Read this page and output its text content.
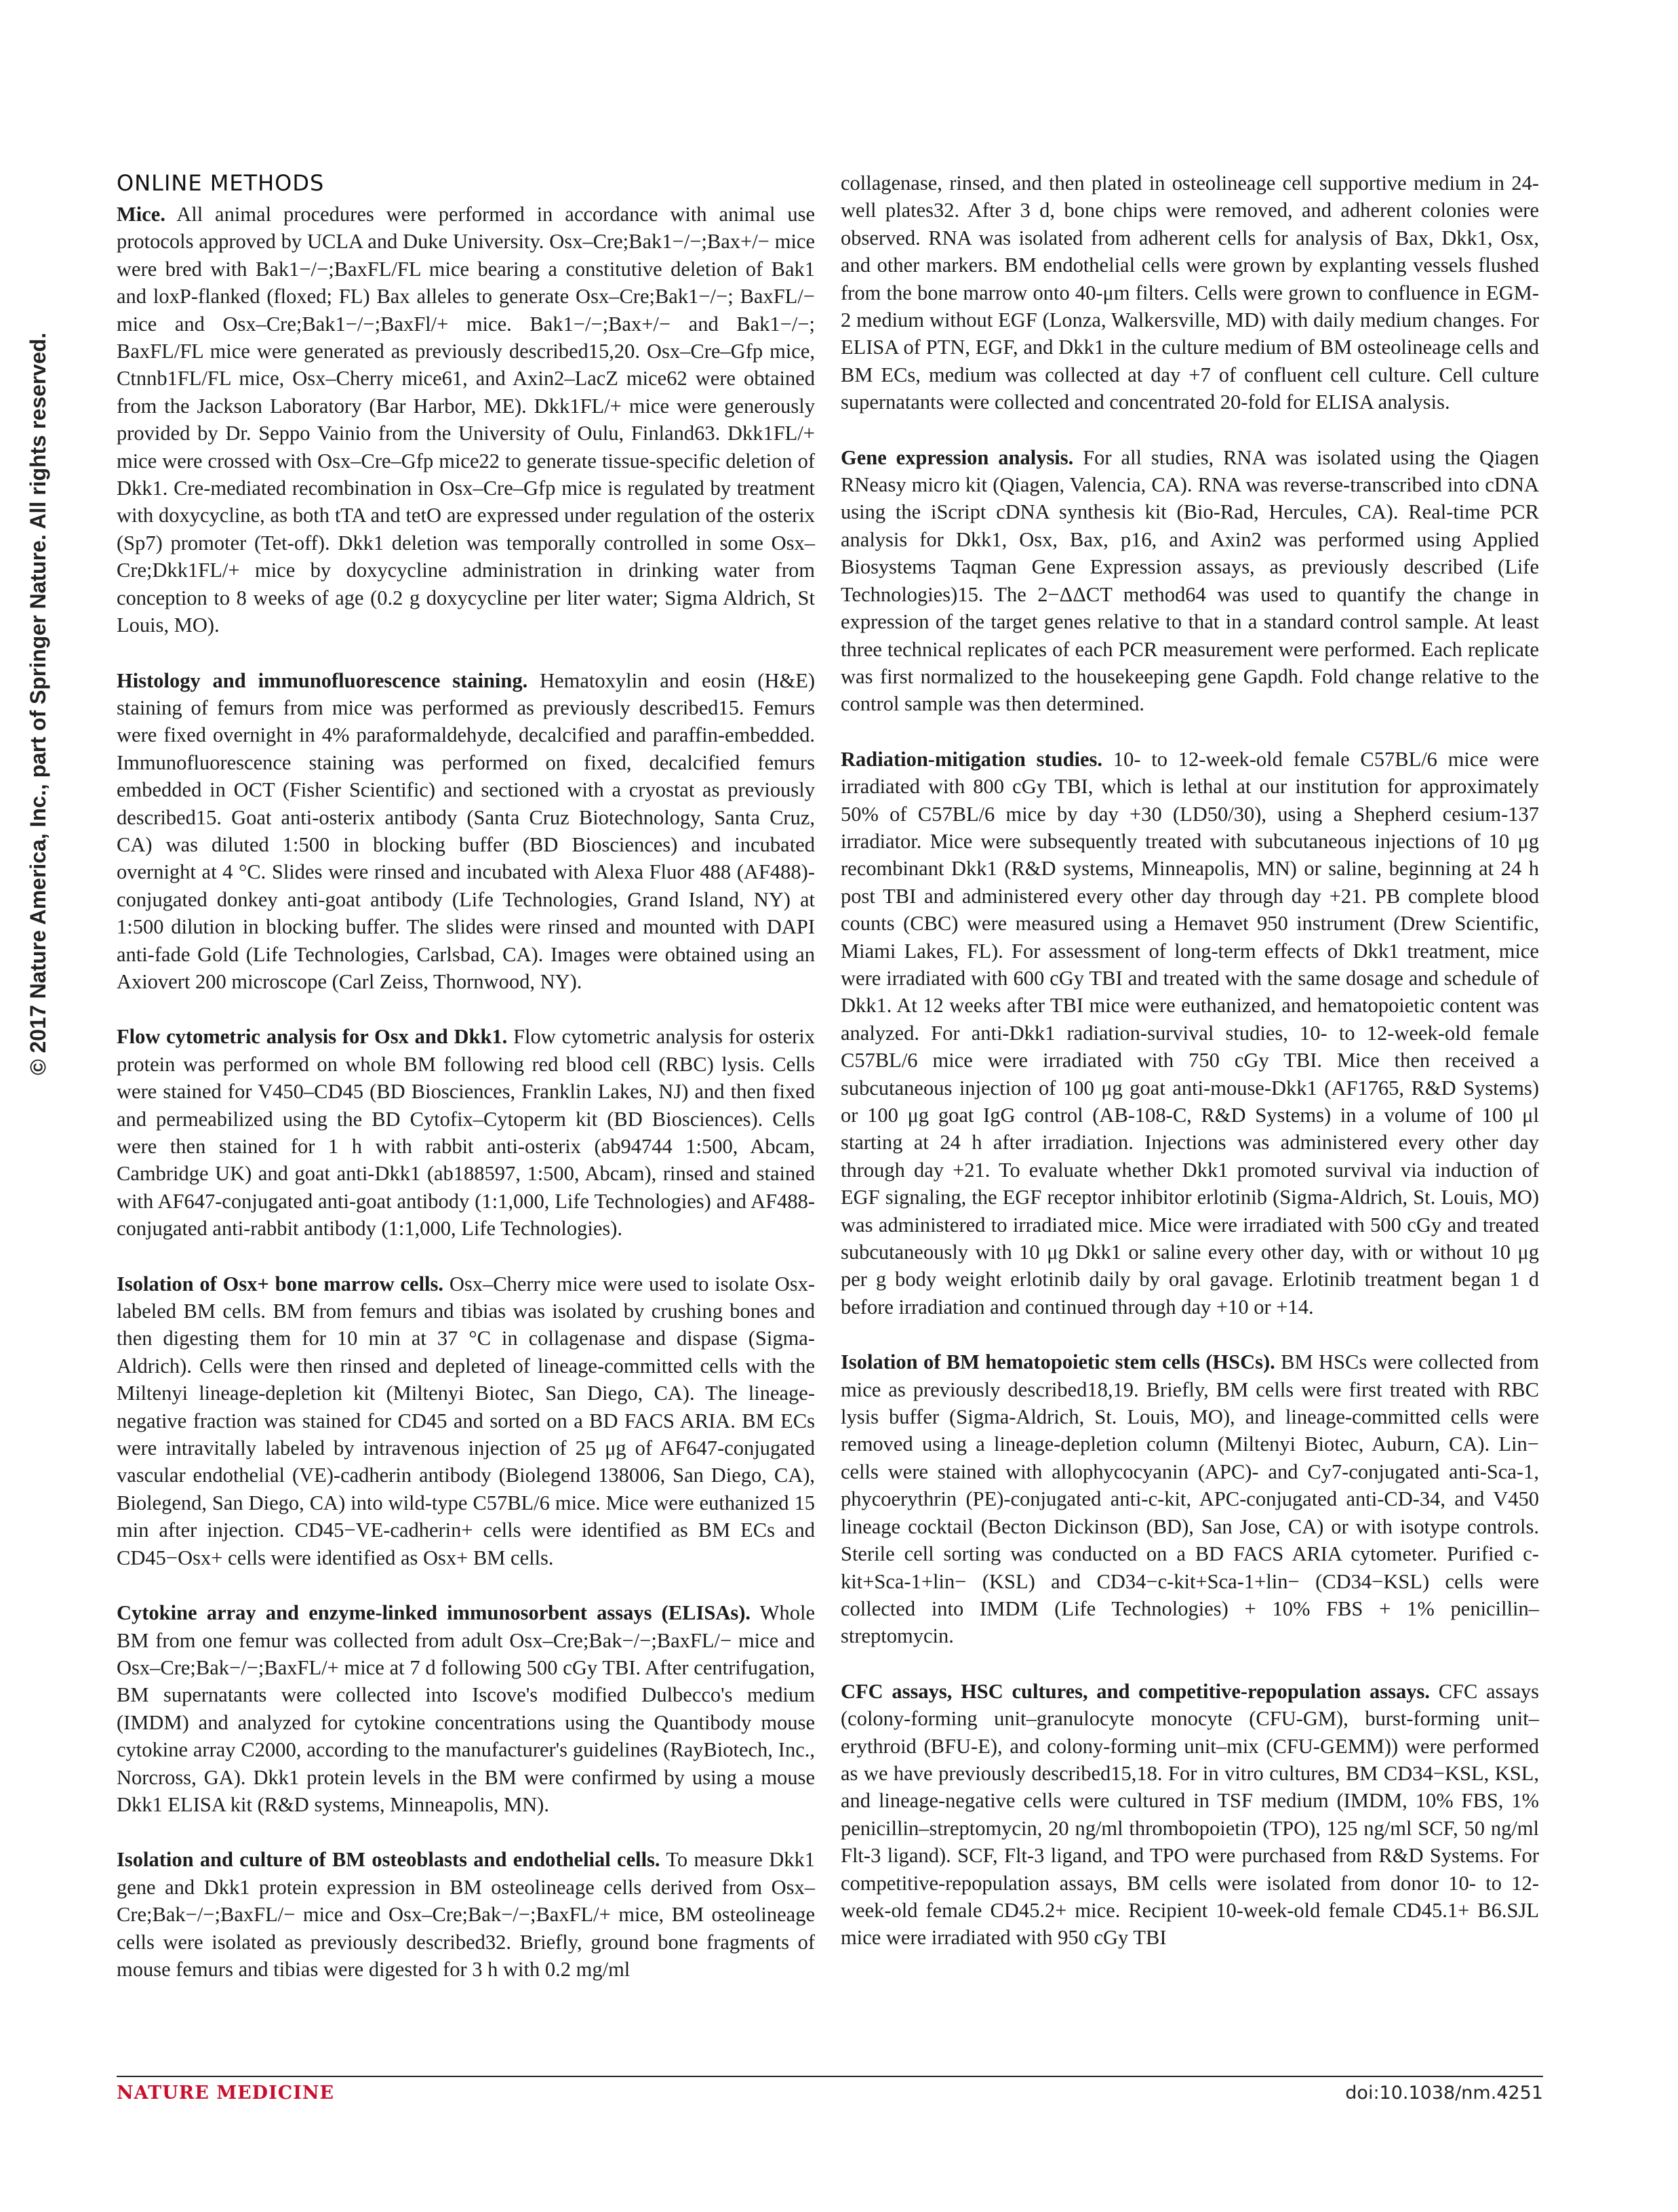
© 2017 Nature America, Inc., part of Springer Nature. All rights reserved.
ONLINE METHODS

Mice. All animal procedures were performed in accordance with animal use protocols approved by UCLA and Duke University. Osx–Cre;Bak1−/−;Bax+/− mice were bred with Bak1−/−;BaxFL/FL mice bearing a constitutive deletion of Bak1 and loxP-flanked (floxed; FL) Bax alleles to generate Osx–Cre;Bak1−/−; BaxFL/− mice and Osx–Cre;Bak1−/−;BaxFl/+ mice. Bak1−/−;Bax+/− and Bak1−/−; BaxFL/FL mice were generated as previously described15,20. Osx–Cre–Gfp mice, Ctnnb1FL/FL mice, Osx–Cherry mice61, and Axin2–LacZ mice62 were obtained from the Jackson Laboratory (Bar Harbor, ME). Dkk1FL/+ mice were generously provided by Dr. Seppo Vainio from the University of Oulu, Finland63. Dkk1FL/+ mice were crossed with Osx–Cre–Gfp mice22 to generate tissue-specific deletion of Dkk1. Cre-mediated recombination in Osx–Cre–Gfp mice is regulated by treatment with doxycycline, as both tTA and tetO are expressed under regulation of the osterix (Sp7) promoter (Tet-off). Dkk1 deletion was temporally controlled in some Osx–Cre;Dkk1FL/+ mice by doxycycline administration in drinking water from conception to 8 weeks of age (0.2 g doxycycline per liter water; Sigma Aldrich, St Louis, MO).

Histology and immunofluorescence staining. Hematoxylin and eosin (H&E) staining of femurs from mice was performed as previously described15. Femurs were fixed overnight in 4% paraformaldehyde, decalcified and paraffin-embedded. Immunofluorescence staining was performed on fixed, decalcified femurs embedded in OCT (Fisher Scientific) and sectioned with a cryostat as previously described15. Goat anti-osterix antibody (Santa Cruz Biotechnology, Santa Cruz, CA) was diluted 1:500 in blocking buffer (BD Biosciences) and incubated overnight at 4 °C. Slides were rinsed and incubated with Alexa Fluor 488 (AF488)-conjugated donkey anti-goat antibody (Life Technologies, Grand Island, NY) at 1:500 dilution in blocking buffer. The slides were rinsed and mounted with DAPI anti-fade Gold (Life Technologies, Carlsbad, CA). Images were obtained using an Axiovert 200 microscope (Carl Zeiss, Thornwood, NY).

Flow cytometric analysis for Osx and Dkk1. Flow cytometric analysis for osterix protein was performed on whole BM following red blood cell (RBC) lysis. Cells were stained for V450–CD45 (BD Biosciences, Franklin Lakes, NJ) and then fixed and permeabilized using the BD Cytofix–Cytoperm kit (BD Biosciences). Cells were then stained for 1 h with rabbit anti-osterix (ab94744 1:500, Abcam, Cambridge UK) and goat anti-Dkk1 (ab188597, 1:500, Abcam), rinsed and stained with AF647-conjugated anti-goat antibody (1:1,000, Life Technologies) and AF488-conjugated anti-rabbit antibody (1:1,000, Life Technologies).

Isolation of Osx+ bone marrow cells. Osx–Cherry mice were used to isolate Osx-labeled BM cells. BM from femurs and tibias was isolated by crushing bones and then digesting them for 10 min at 37 °C in collagenase and dispase (Sigma-Aldrich). Cells were then rinsed and depleted of lineage-committed cells with the Miltenyi lineage-depletion kit (Miltenyi Biotec, San Diego, CA). The lineage-negative fraction was stained for CD45 and sorted on a BD FACS ARIA. BM ECs were intravitally labeled by intravenous injection of 25 μg of AF647-conjugated vascular endothelial (VE)-cadherin antibody (Biolegend 138006, San Diego, CA), Biolegend, San Diego, CA) into wild-type C57BL/6 mice. Mice were euthanized 15 min after injection. CD45−VE-cadherin+ cells were identified as BM ECs and CD45−Osx+ cells were identified as Osx+ BM cells.

Cytokine array and enzyme-linked immunosorbent assays (ELISAs). Whole BM from one femur was collected from adult Osx–Cre;Bak−/−;BaxFL/− mice and Osx–Cre;Bak−/−;BaxFL/+ mice at 7 d following 500 cGy TBI. After centrifugation, BM supernatants were collected into Iscove's modified Dulbecco's medium (IMDM) and analyzed for cytokine concentrations using the Quantibody mouse cytokine array C2000, according to the manufacturer's guidelines (RayBiotech, Inc., Norcross, GA). Dkk1 protein levels in the BM were confirmed by using a mouse Dkk1 ELISA kit (R&D systems, Minneapolis, MN).

Isolation and culture of BM osteoblasts and endothelial cells. To measure Dkk1 gene and Dkk1 protein expression in BM osteolineage cells derived from Osx–Cre;Bak−/−;BaxFL/− mice and Osx–Cre;Bak−/−;BaxFL/+ mice, BM osteolineage cells were isolated as previously described32. Briefly, ground bone fragments of mouse femurs and tibias were digested for 3 h with 0.2 mg/ml

collagenase, rinsed, and then plated in osteolineage cell supportive medium in 24-well plates32. After 3 d, bone chips were removed, and adherent colonies were observed. RNA was isolated from adherent cells for analysis of Bax, Dkk1, Osx, and other markers. BM endothelial cells were grown by explanting vessels flushed from the bone marrow onto 40-μm filters. Cells were grown to confluence in EGM-2 medium without EGF (Lonza, Walkersville, MD) with daily medium changes. For ELISA of PTN, EGF, and Dkk1 in the culture medium of BM osteolineage cells and BM ECs, medium was collected at day +7 of confluent cell culture. Cell culture supernatants were collected and concentrated 20-fold for ELISA analysis.

Gene expression analysis. For all studies, RNA was isolated using the Qiagen RNeasy micro kit (Qiagen, Valencia, CA). RNA was reverse-transcribed into cDNA using the iScript cDNA synthesis kit (Bio-Rad, Hercules, CA). Real-time PCR analysis for Dkk1, Osx, Bax, p16, and Axin2 was performed using Applied Biosystems Taqman Gene Expression assays, as previously described (Life Technologies)15. The 2−ΔΔCT method64 was used to quantify the change in expression of the target genes relative to that in a standard control sample. At least three technical replicates of each PCR measurement were performed. Each replicate was first normalized to the housekeeping gene Gapdh. Fold change relative to the control sample was then determined.

Radiation-mitigation studies. 10- to 12-week-old female C57BL/6 mice were irradiated with 800 cGy TBI, which is lethal at our institution for approximately 50% of C57BL/6 mice by day +30 (LD50/30), using a Shepherd cesium-137 irradiator. Mice were subsequently treated with subcutaneous injections of 10 μg recombinant Dkk1 (R&D systems, Minneapolis, MN) or saline, beginning at 24 h post TBI and administered every other day through day +21. PB complete blood counts (CBC) were measured using a Hemavet 950 instrument (Drew Scientific, Miami Lakes, FL). For assessment of long-term effects of Dkk1 treatment, mice were irradiated with 600 cGy TBI and treated with the same dosage and schedule of Dkk1. At 12 weeks after TBI mice were euthanized, and hematopoietic content was analyzed. For anti-Dkk1 radiation-survival studies, 10- to 12-week-old female C57BL/6 mice were irradiated with 750 cGy TBI. Mice then received a subcutaneous injection of 100 μg goat anti-mouse-Dkk1 (AF1765, R&D Systems) or 100 μg goat IgG control (AB-108-C, R&D Systems) in a volume of 100 μl starting at 24 h after irradiation. Injections was administered every other day through day +21. To evaluate whether Dkk1 promoted survival via induction of EGF signaling, the EGF receptor inhibitor erlotinib (Sigma-Aldrich, St. Louis, MO) was administered to irradiated mice. Mice were irradiated with 500 cGy and treated subcutaneously with 10 μg Dkk1 or saline every other day, with or without 10 μg per g body weight erlotinib daily by oral gavage. Erlotinib treatment began 1 d before irradiation and continued through day +10 or +14.

Isolation of BM hematopoietic stem cells (HSCs). BM HSCs were collected from mice as previously described18,19. Briefly, BM cells were first treated with RBC lysis buffer (Sigma-Aldrich, St. Louis, MO), and lineage-committed cells were removed using a lineage-depletion column (Miltenyi Biotec, Auburn, CA). Lin− cells were stained with allophycocyanin (APC)- and Cy7-conjugated anti-Sca-1, phycoerythrin (PE)-conjugated anti-c-kit, APC-conjugated anti-CD-34, and V450 lineage cocktail (Becton Dickinson (BD), San Jose, CA) or with isotype controls. Sterile cell sorting was conducted on a BD FACS ARIA cytometer. Purified c-kit+Sca-1+lin− (KSL) and CD34−c-kit+Sca-1+lin− (CD34−KSL) cells were collected into IMDM (Life Technologies) + 10% FBS + 1% penicillin–streptomycin.

CFC assays, HSC cultures, and competitive-repopulation assays. CFC assays (colony-forming unit–granulocyte monocyte (CFU-GM), burst-forming unit–erythroid (BFU-E), and colony-forming unit–mix (CFU-GEMM)) were performed as we have previously described15,18. For in vitro cultures, BM CD34−KSL, KSL, and lineage-negative cells were cultured in TSF medium (IMDM, 10% FBS, 1% penicillin–streptomycin, 20 ng/ml thrombopoietin (TPO), 125 ng/ml SCF, 50 ng/ml Flt-3 ligand). SCF, Flt-3 ligand, and TPO were purchased from R&D Systems. For competitive-repopulation assays, BM cells were isolated from donor 10- to 12-week-old female CD45.2+ mice. Recipient 10-week-old female CD45.1+ B6.SJL mice were irradiated with 950 cGy TBI

NATURE MEDICINE	doi:10.1038/nm.4251
